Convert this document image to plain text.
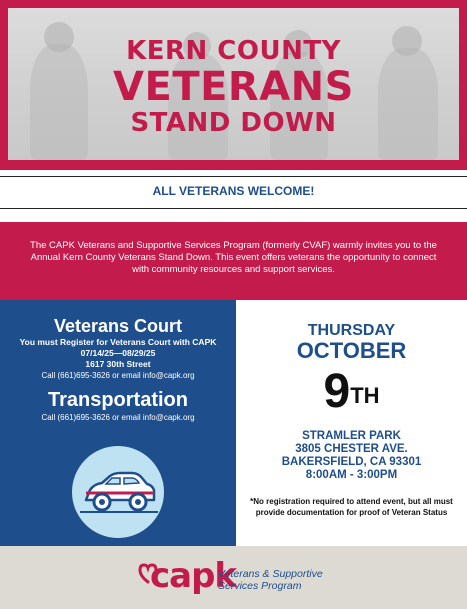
KERN COUNTY
VETERANS
STAND DOWN
ALL VETERANS WELCOME!
The CAPK Veterans and Supportive Services Program (formerly CVAF) warmly invites you to the Annual Kern County Veterans Stand Down. This event offers veterans the opportunity to connect with community resources and support services.
Veterans Court
You must Register for Veterans Court with CAPK
07/14/25—08/29/25
1617 30th Street
Call (661)695-3626 or email info@capk.org
Transportation
Call (661)695-3626 or email info@capk.org
THURSDAY
OCTOBER
9TH
STRAMLER PARK
3805 CHESTER AVE.
BAKERSFIELD, CA 93301
8:00AM - 3:00PM
*No registration required to attend event, but all must provide documentation for proof of Veteran Status
capk
Veterans & Supportive
Services Program
